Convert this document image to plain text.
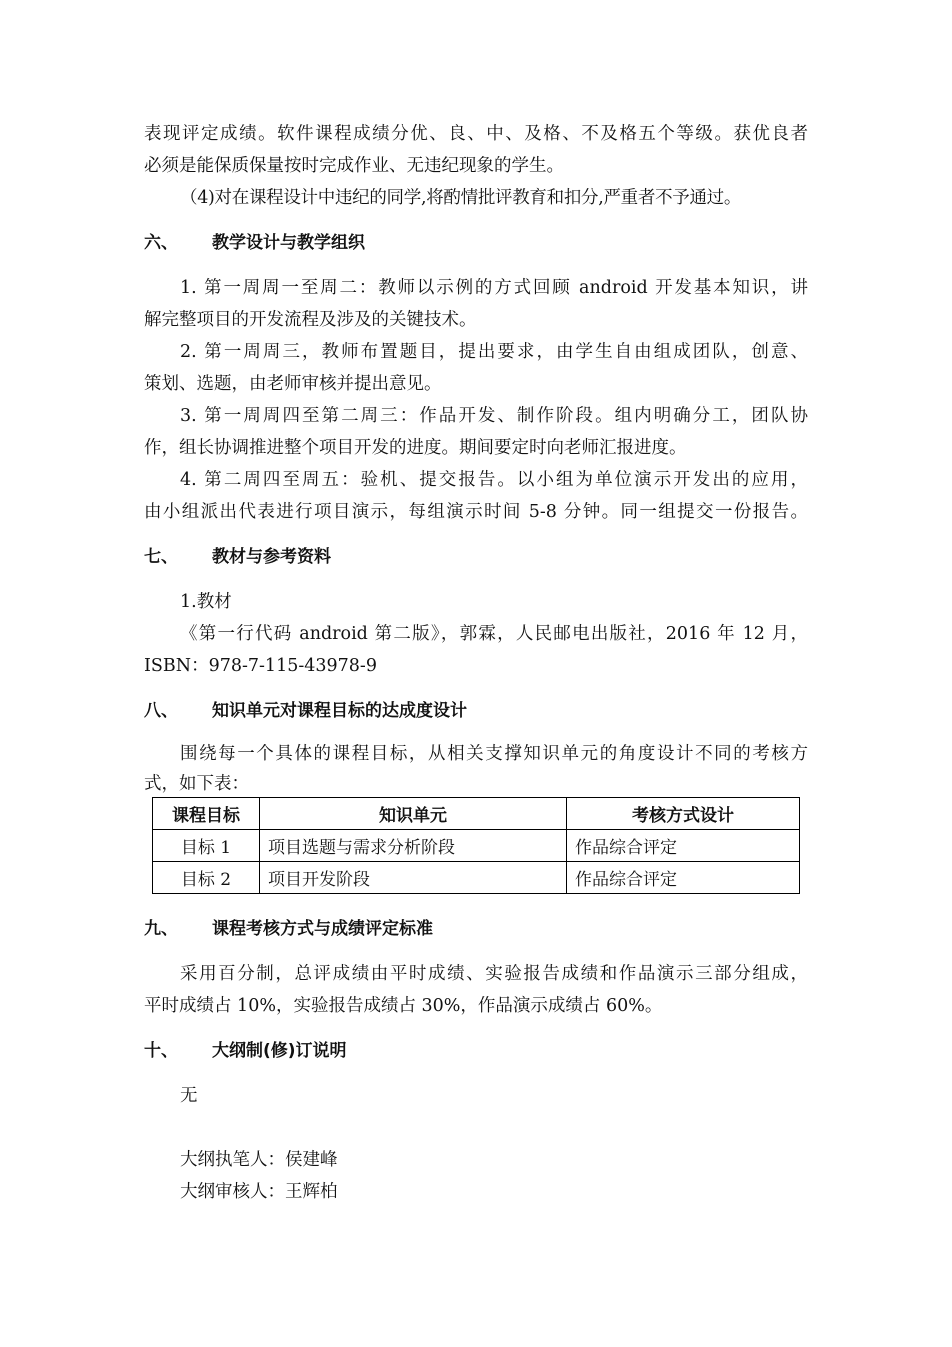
表现评定成绩。软件课程成绩分优、良、中、及格、不及格五个等级。获优良者
必须是能保质保量按时完成作业、无违纪现象的学生。
（4)对在课程设计中违纪的同学,将酌情批评教育和扣分,严重者不予通过。
六、 教学设计与教学组织
1. 第一周周一至周二：教师以示例的方式回顾 android 开发基本知识，讲
解完整项目的开发流程及涉及的关键技术。
2. 第一周周三，教师布置题目，提出要求，由学生自由组成团队，创意、
策划、选题，由老师审核并提出意见。
3. 第一周周四至第二周三：作品开发、制作阶段。组内明确分工，团队协
作，组长协调推进整个项目开发的进度。期间要定时向老师汇报进度。
4. 第二周四至周五：验机、提交报告。以小组为单位演示开发出的应用，
由小组派出代表进行项目演示，每组演示时间 5-8 分钟。同一组提交一份报告。
七、 教材与参考资料
1.教材
《第一行代码 android 第二版》，郭霖，人民邮电出版社，2016 年 12 月，
ISBN：978-7-115-43978-9
八、 知识单元对课程目标的达成度设计
围绕每一个具体的课程目标，从相关支撑知识单元的角度设计不同的考核方
式，如下表：
课程目标	知识单元	考核方式设计
目标 1	项目选题与需求分析阶段	作品综合评定
目标 2	项目开发阶段	作品综合评定
九、 课程考核方式与成绩评定标准
采用百分制，总评成绩由平时成绩、实验报告成绩和作品演示三部分组成，
平时成绩占 10%，实验报告成绩占 30%，作品演示成绩占 60%。
十、 大纲制(修)订说明
无
大纲执笔人：侯建峰
大纲审核人：王辉柏
